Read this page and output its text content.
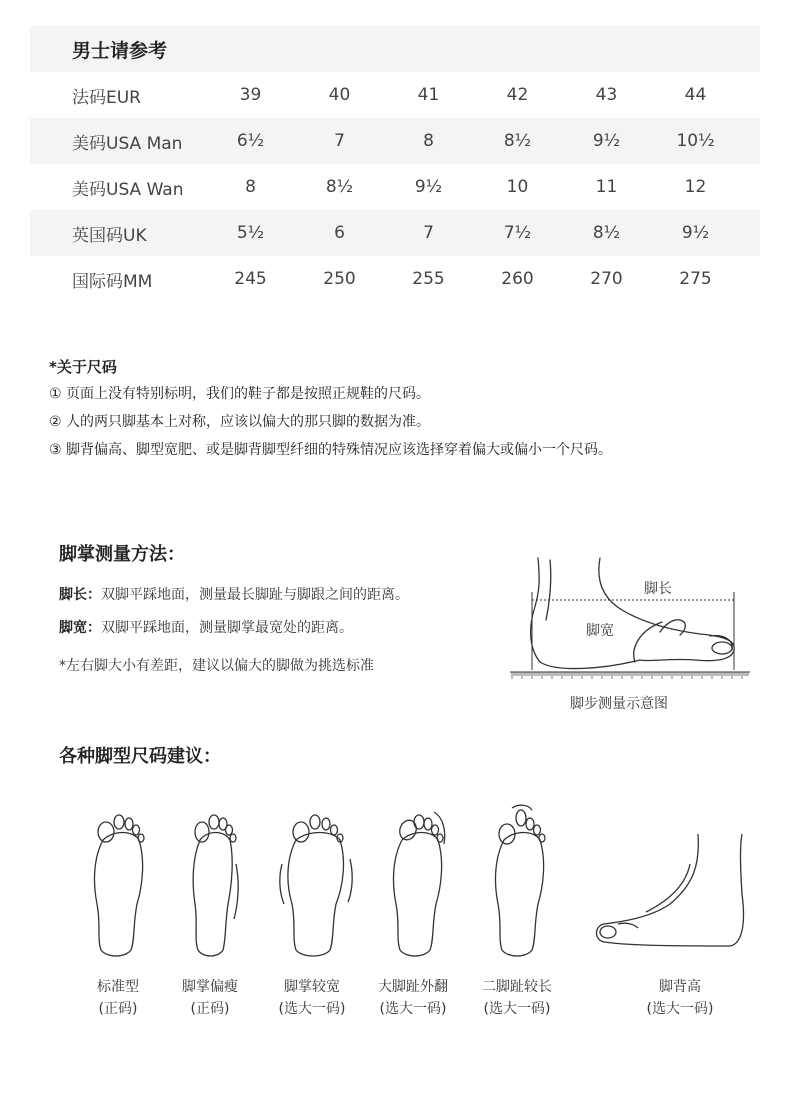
男士请参考
法码EUR	39	40	41	42	43	44
美码USA Man	6½	7	8	8½	9½	10½
美码USA Wan	8	8½	9½	10	11	12
英国码UK	5½	6	7	7½	8½	9½
国际码MM	245	250	255	260	270	275
*关于尺码
① 页面上没有特别标明，我们的鞋子都是按照正规鞋的尺码。
② 人的两只脚基本上对称，应该以偏大的那只脚的数据为准。
③ 脚背偏高、脚型宽肥、或是脚背脚型纤细的特殊情况应该选择穿着偏大或偏小一个尺码。
脚掌测量方法：
脚长：双脚平踩地面，测量最长脚趾与脚跟之间的距离。
脚宽：双脚平踩地面，测量脚掌最宽处的距离。
*左右脚大小有差距，建议以偏大的脚做为挑选标准
脚长
脚宽
脚步测量示意图
各种脚型尺码建议：
标准型
(正码)
脚掌偏瘦
(正码)
脚掌较宽
(选大一码)
大脚趾外翻
(选大一码)
二脚趾较长
(选大一码)
脚背高
(选大一码)
